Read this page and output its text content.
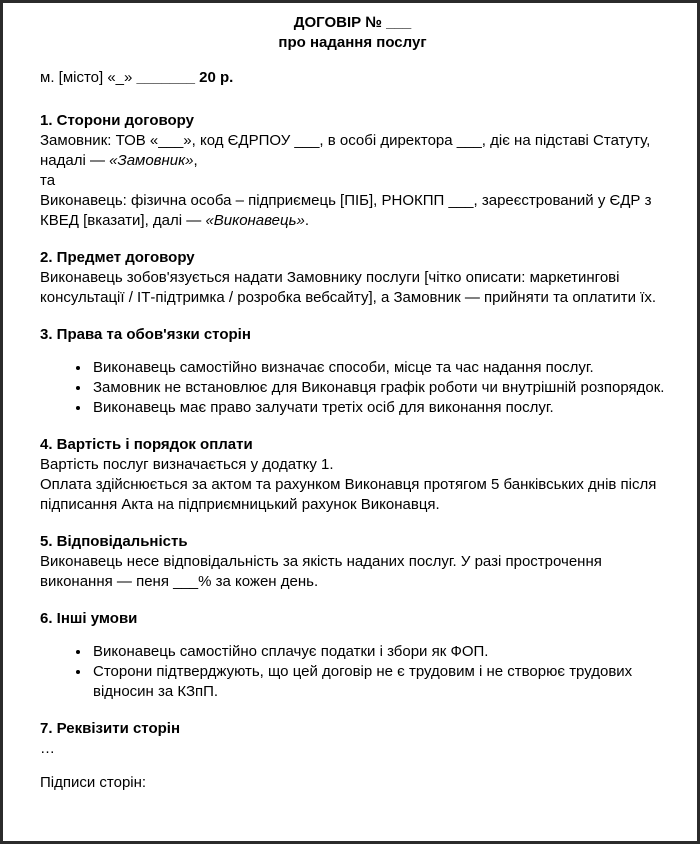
ДОГОВІР № ___
про надання послуг

м. [місто] «_» _______ 20 р.

1. Сторони договору

Замовник: ТОВ «___», код ЄДРПОУ ___, в особі директора ___, діє на підставі Статуту, надалі — «Замовник»,
та
Виконавець: фізична особа – підприємець [ПІБ], РНОКПП ___, зареєстрований у ЄДР з КВЕД [вказати], далі — «Виконавець».

2. Предмет договору

Виконавець зобов'язується надати Замовнику послуги [чітко описати: маркетингові консультації / ІТ-підтримка / розробка вебсайту], а Замовник — прийняти та оплатити їх.

3. Права та обов'язки сторін
• Виконавець самостійно визначає способи, місце та час надання послуг.
• Замовник не встановлює для Виконавця графік роботи чи внутрішній розпорядок.
• Виконавець має право залучати третіх осіб для виконання послуг.
4. Вартість і порядок оплати

Вартість послуг визначається у додатку 1.

Оплата здійснюється за актом та рахунком Виконавця протягом 5 банківських днів після підписання Акта на підприємницький рахунок Виконавця.

5. Відповідальність

Виконавець несе відповідальність за якість наданих послуг. У разі прострочення виконання — пеня ___% за кожен день.

6. Інші умови
• Виконавець самостійно сплачує податки і збори як ФОП.
• Сторони підтверджують, що цей договір не є трудовим і не створює трудових відносин за КЗпП.
7. Реквізити сторін

…

Підписи сторін:
